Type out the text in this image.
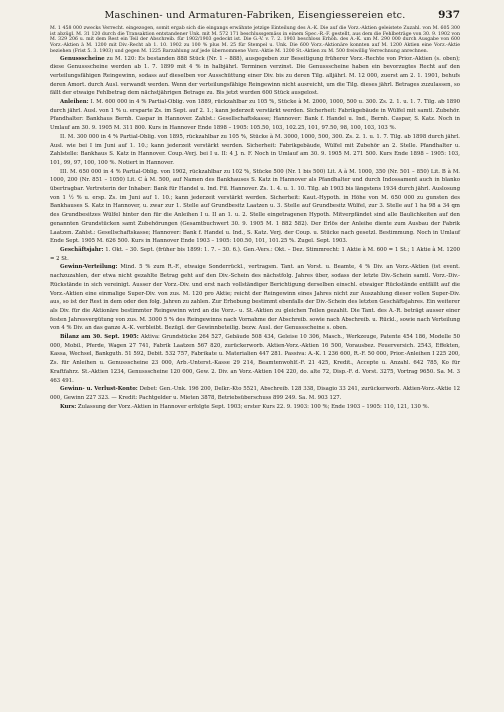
Maschinen- und Armaturen-Fabriken, Eisengiessereien etc.	937

M. 1 458 000 zwecks Verrecht. eingezogen, somit ergab sich die eingangs erwähnte jetzige Einteilung des A.-K. Die auf die Vorz.-Aktien geleistete Zuzahl. von M. 605 300 ist abzügl. M. 31 120 durch die Transaktion entstandener Unk. mit M. 572 171 beschlussgemäss in einem Spec.-R.-F. gestellt, aus dem die Fehlbeträge von 30. 9. 1902 von M. 329 206 u. mit dem Rest ein Teil der Abschreib. für 1902/1903 gedeckt ist. Die G.-V. v. 7. 2. 1903 beschloss Erhöh. des A.-K. um M. 290 000 durch Ausgabe von 600 Vorz.-Aktien à M. 1200 mit Div.-Recht ab 1. 10. 1902 zu 100 % plus M. 25 für Stempel u. Unk. Die 600 Vorz.-Aktionäre konnten auf M. 1200 Aktien eine Vorz.-Aktie beziehen (Frist 5. 3. 1903) und gegen M. 1225 Barzahlung auf jede übernommene Vorz.-Aktie M. 1200 St.-Aktien zu M. 500 freiwillig Verrechnung anrechnen.

Genussscheine zu M. 120: Es bestanden 888 Stück (Nr. 1 – 888), ausgegeben zur Beseitigung früherer Vorz.-Rechte von Prior.-Aktien (s. oben); diese Genussscheine werden ab 1. 7. 1899 mit 4 % in halbjährl. Terminen verzinst. Die Genussscheine haben ein bevorzugtes Recht auf den verteilungsfähigen Reingewinn, sodass auf dieselben vor Ausschüttung einer Div. bis zu deren Tilg. alljährl. M. 12 000, zuerst am 2. 1. 1901, behufs deren Amort. durch Ausl. verwandt werden. Wenn der verteilungsfähige Reingewinn nicht ausreicht, um die Tilg. dieses jährl. Betrages zuzulassen, so fällt der etwaige Fehlbetrag dem nächstjährigen Betrage zu. Bis jetzt wurden 600 Stück ausgelost.

Anleihen: I. M. 600 000 in 4 % Partial-Oblig. von 1889, rückzahlbar zu 105 %, Stücke à M. 2000, 1000, 500 u. 300. Zs. 2. 1. u. 1. 7. Tilg. ab 1890 durch jährl. Ausl. von 1 % u. ersparte Zs. im Sept. auf 2. 1.; kann jederzeit verstärkt werden. Sicherheit: Fabrikgebäude in Wülfel mit samtl. Zubehör. Pfandhalter: Bankhaus Bernh. Caspar in Hannover. Zahlst.: Gesellschaftskasse; Hannover: Bank f. Handel u. Ind., Bernh. Caspar, S. Katz. Noch in Umlauf am 30. 9. 1905 M. 311 800. Kurs in Hannover Ende 1898 – 1905: 105.50, 103, 102.25, 101, 97.50, 98, 100, 103, 103 %.

II. M. 300 000 in 4 % Partial-Oblig. von 1895, rückzahlbar zu 105 %, Stücke à M. 3000, 1000, 500, 300. Zs. 2. 1. u. 1. 7. Tilg. ab 1898 durch jährl. Ausl. wie bei I im Juni auf 1. 10.; kann jederzeit verstärkt werden. Sicherheit: Fabrikgebäude, Wülfel mit Zubehör an 2. Stelle. Pfandhalter u. Zahlstelle: Bankhaus S. Katz in Hannover. Coup.-Verj. bei I u. II: 4 J. n. F. Noch in Umlauf am 30. 9. 1905 M. 271 500. Kurs Ende 1898 – 1905: 103, 101, 99, 97, 100, 100 %. Notiert in Hannover.

III. M. 650 000 in 4 % Partial-Oblig. von 1902, rückzahlbar zu 102 %, Stücke 500 (Nr. 1 bis 500) Lit. A à M. 1000, 350 (Nr. 501 – 850) Lit. B à M. 1000, 200 (Nr. 851 – 1050) Lit. C à M. 500, auf Namen des Bankhauses S. Katz in Hannover als Pfandhalter und durch Indossament auch in blanko übertragbar. Vertreterin der Inhaber: Bank für Handel u. Ind. Fil. Hannover. Zs. 1. 4. u. 1. 10. Tilg. ab 1903 bis längstens 1934 durch jährl. Auslosung von 1 ½ % u. ersp. Zs. im Juni auf 1. 10.; kann jederzeit verstärkt werden. Sicherheit: Kaut.-Hypoth. in Höhe von M. 650 000 zu gunsten des Bankhauses S. Katz in Hannover, u. zwar zur 1. Stelle auf Grundbesitz Laatzen u. 3. Stelle auf Grundbesitz Wülfel, zur 3. Stelle auf 1 ha 98 a 34 qm des Grundbesitzes Wülfel hinter den für die Anleihen I u. II an 1. u. 2. Stelle eingetragenen Hypoth. Mitverpfändet sind alle Baulichkeiten auf den genannten Grundstücken samt Zubehörungen (Gesamtbuchwert 30. 9. 1905 M. 1 882 582). Der Erlös der Anleihe diente zum Ausbau der Fabrik Laatzen. Zahlst.: Gesellschaftskasse; Hannover: Bank f. Handel u. Ind., S. Katz. Verj. der Coup. u. Stücke nach gesetzl. Bestimmung. Noch in Umlauf Ende Sept. 1905 M. 626 500. Kurs in Hannover Ende 1903 – 1905: 100.50, 101, 101.25 %. Zugel. Sept. 1903.

Geschäftsjahr: 1. Okt. – 30. Sept. (früher bis 1899: 1. 7. – 30. 6.). Gen.-Vers.: Okt. – Dez. Stimmrecht: 1 Aktie à M. 600 = 1 St.; 1 Aktie à M. 1200 = 2 St.

Gewinn-Verteilung: Mind. 5 % zum R.-F., etwaige Sonderrückl., vertragsm. Tant. an Vorst. u. Beamte, 4 % Div. an Vorz.-Aktien (ist event. nachzuzahlen, der etwa nicht gezahlte Betrag geht auf den Div.-Schein des nächstfolg. Jahres über, sodass der letzte Div.-Schein samtl. Vorz.-Div.-Rückstände in sich vereinigt. Ausser der Vorz.-Div. und erst nach vollständiger Berichtigung derselben einschl. etwaiger Rückstände entfällt auf die Vorz.-Aktien eine einmalige Super-Div. von zus. M. 120 pro Aktie; reicht der Reingewinn eines Jahres nicht zur Auszahlung dieser vollen Super-Div. aus, so ist der Rest in dem oder den folg. Jahren zu zahlen. Zur Erhebung bestimmt ebenfalls der Div.-Schein des letzten Geschäftsjahres. Ein weiterer als Div. für die Aktionäre bestimmter Reingewinn wird an die Vorz.- u. St.-Aktien zu gleichen Teilen gezahlt. Die Tant. des A.-R. beträgt ausser einer festen Jahresvergütung von zus. M. 3000 5 % des Reingewinns nach Vornahme der Abschreib. sowie nach Abschreib. u. Rückl., sowie nach Verteilung von 4 % Div. an das ganze A.-K. verbleibt. Bezügl. der Gewinnbeteilig. bezw. Ausl. der Genussscheine s. oben.

Bilanz am 30. Sept. 1905: Aktiva: Grundstücke 264 527, Gebäude 508 434, Geleise 10 306, Masch., Werkzeuge, Patente 454 186, Modelle 50 000, Mobil., Pferde, Wagen 27 741, Fabrik Laatzen 567 820, zurückerworb. Aktien-Vorz.-Aktien 16 500, Vorausbez. Feuerversich. 2543, Effekten, Kassa, Wechsel, Bankguth. 51 592, Debit. 532 757, Fabrikate u. Materialien 447 281. Passiva: A.-K. 1 236 600, R.-F. 50 000, Prior.-Anleihen I 225 200, Zs. für Anleihen u. Genussscheine 23 000, Arb.-Unterst.-Kasse 29 214, Beamtenwohlf.-F. 21 425, Kredit., Accepte u. Anzahl. 642 785, Ko für Kraftfahrz. St.-Aktien 1234, Genussscheine 120 000, Gew. 2. Div. an Vorz.-Aktien 104 220, do. alte 72, Disp.-F. d. Vorst. 3275, Vortrag 9650. Sa. M. 3 463 491.

Gewinn- u. Verlust-Konto: Debet: Gen.-Unk. 196 200, Delkr.-Kto 5521, Abschreib. 128 338, Disagio 33 241, zurückerworb. Aktien-Vorz.-Aktie 12 000, Gewinn 227 323. — Kredit: Pachtgelder u. Mieten 3878, Betriebsüberschuss 899 249. Sa. M. 903 127.

Kurs: Zulassung der Vorz.-Aktien in Hannover erfolgte Sept. 1903; erster Kurs 22. 9. 1903: 100 %; Ende 1903 – 1905: 110, 121, 130 %.
